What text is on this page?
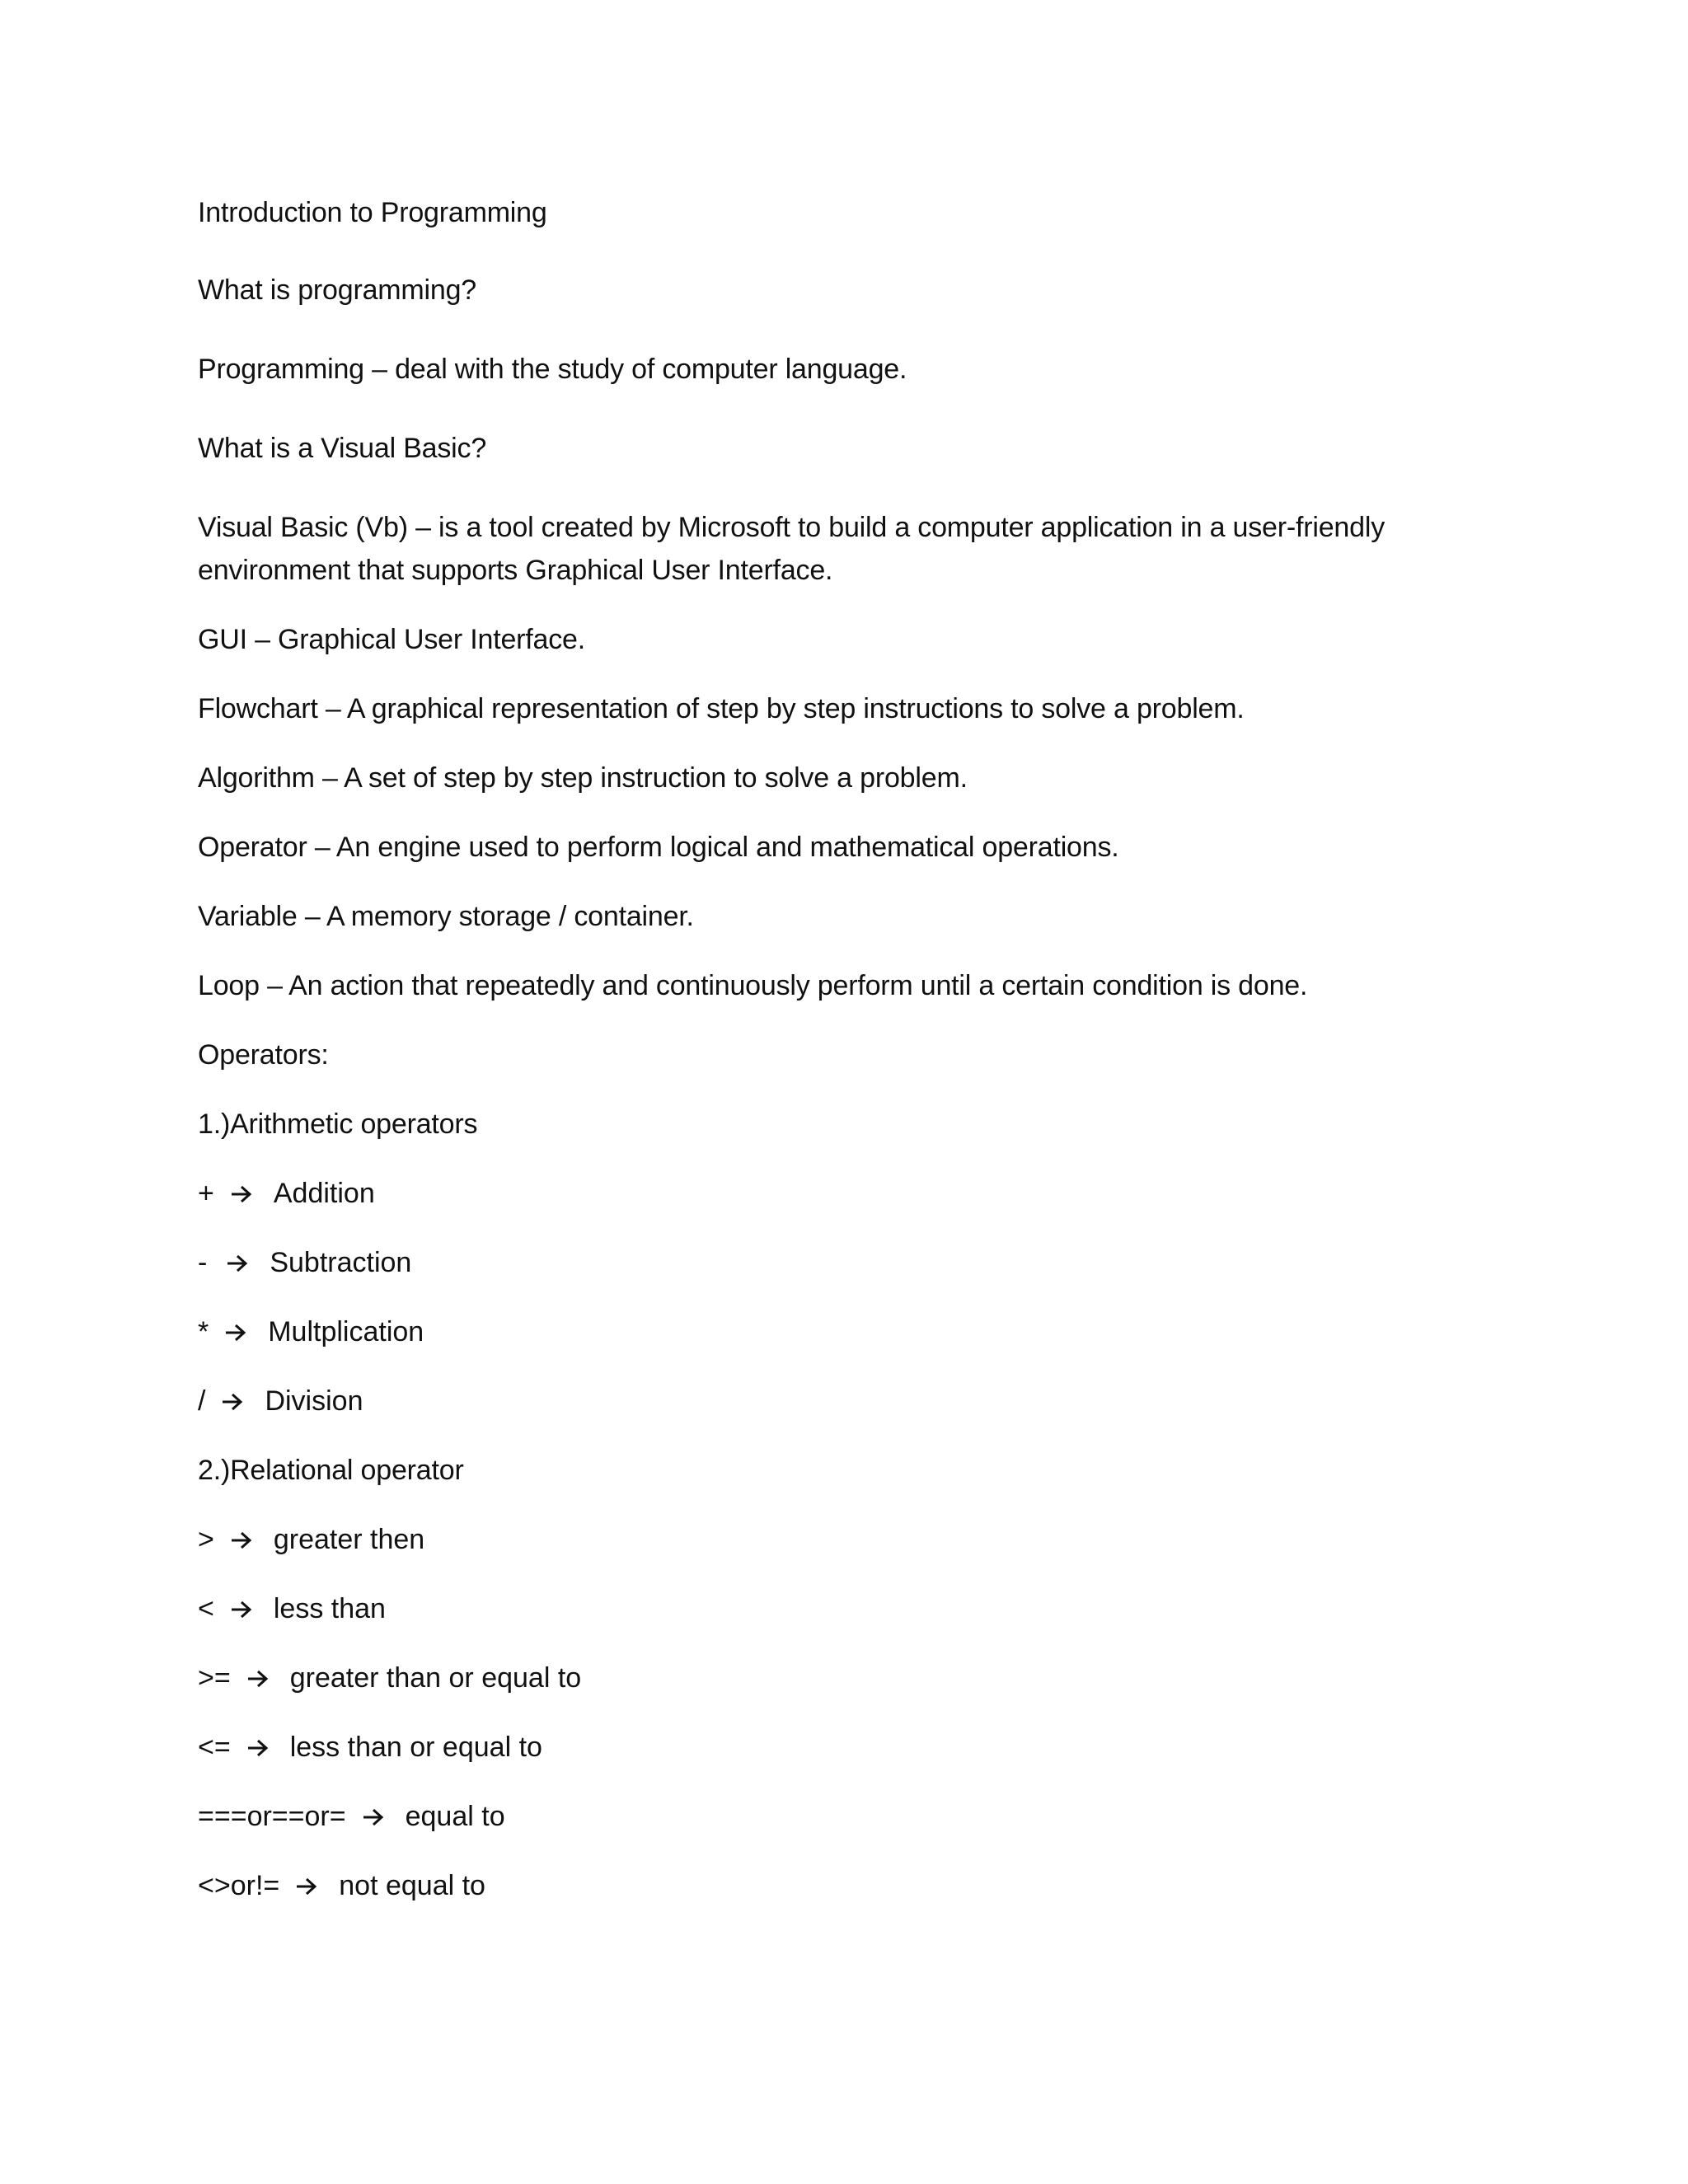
Introduction to Programming
What is programming?
Programming – deal with the study of computer language.
What is a Visual Basic?
Visual Basic (Vb) – is a tool created by Microsoft to build a computer application in a user-friendly environment that supports Graphical User Interface.
GUI – Graphical User Interface.
Flowchart – A graphical representation of step by step instructions to solve a problem.
Algorithm – A set of step by step instruction to solve a problem.
Operator – An engine used to perform logical and mathematical operations.
Variable – A memory storage / container.
Loop – An action that repeatedly and continuously perform until a certain condition is done.
Operators:
1.)Arithmetic operators
+ Addition
- Subtraction
* Multplication
/ Division
2.)Relational operator
> greater then
< less than
>= greater than or equal to
<= less than or equal to
===or==or= equal to
<>or!= not equal to
